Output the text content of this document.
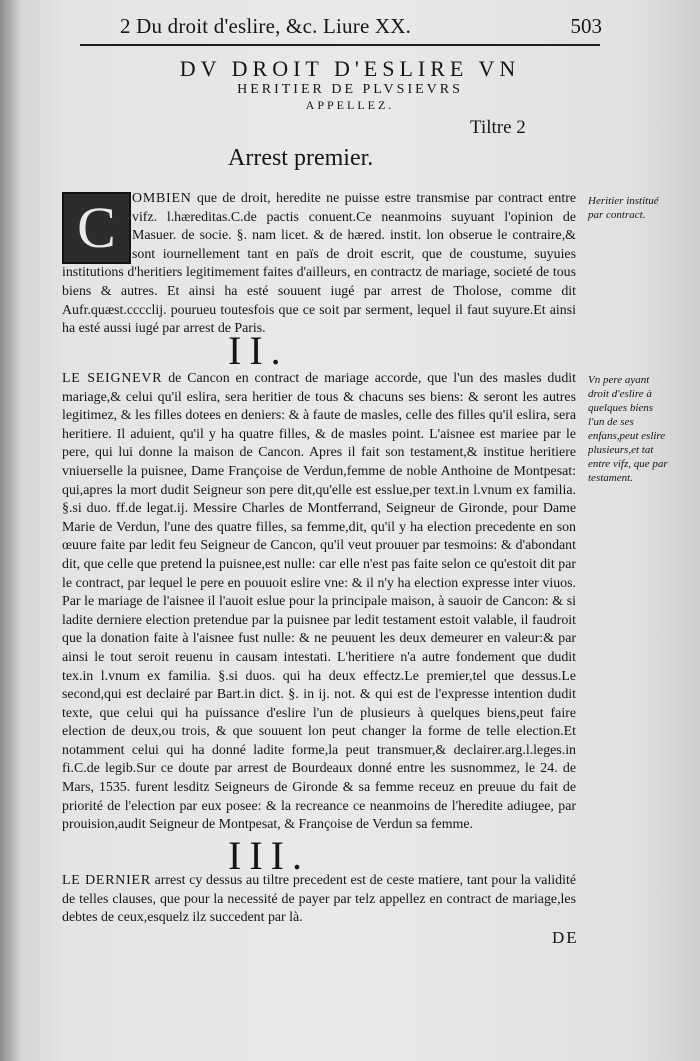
2 Du droit d'eslire, &c. Liure XX.	503
DV DROIT D'ESLIRE VN
HERITIER DE PLVSIEVRS
APPELLEZ.
Tiltre 2
Arrest premier.
C	OMBIEN que de droit, heredite ne puisse estre transmise par contract entre vifz. l.hæreditas.C.de pactis conuent.Ce neanmoins suyuant l'opinion de Masuer. de socie. §. nam licet. & de hæred. instit. lon obserue le contraire,& sont iournellement tant en païs de droit escrit, que de coustume, suyuies institutions d'heritiers legitimement faites d'ailleurs, en contractz de mariage, societé de tous biens & autres. Et ainsi ha esté souuent iugé par arrest de Tholose, comme dit Aufr.quæst.cccclij. pourueu toutesfois que ce soit par serment, lequel il faut suyure.Et ainsi ha esté aussi iugé par arrest de Paris.

II.

LE SEIGNEVR de Cancon en contract de mariage accorde, que l'un des masles dudit mariage,& celui qu'il eslira, sera heritier de tous & chacuns ses biens: & seront les autres legitimez, & les filles dotees en deniers: & à faute de masles, celle des filles qu'il eslira, sera heritiere. Il aduient, qu'il y ha quatre filles, & de masles point. L'aisnee est mariee par le pere, qui lui donne la maison de Cancon. Apres il fait son testament,& institue heritiere vniuerselle la puisnee, Dame Françoise de Verdun,femme de noble Anthoine de Montpesat: qui,apres la mort dudit Seigneur son pere dit,qu'elle est esslue,per text.in l.vnum ex familia. §.si duo. ff.de legat.ij. Messire Charles de Montferrand, Seigneur de Gironde, pour Dame Marie de Verdun, l'une des quatre filles, sa femme,dit, qu'il y ha election precedente en son œuure faite par ledit feu Seigneur de Cancon, qu'il veut prouuer par tesmoins: & d'abondant dit, que celle que pretend la puisnee,est nulle: car elle n'est pas faite selon ce qu'estoit dit par le contract, par lequel le pere en pouuoit eslire vne: & il n'y ha election expresse inter viuos. Par le mariage de l'aisnee il l'auoit eslue pour la principale maison, à sauoir de Cancon: & si ladite derniere election pretendue par la puisnee par ledit testament estoit valable, il faudroit que la donation faite à l'aisnee fust nulle: & ne peuuent les deux demeurer en valeur:& par ainsi le tout seroit reuenu in causam intestati. L'heritiere n'a autre fondement que dudit tex.in l.vnum ex familia. §.si duos. qui ha deux effectz.Le premier,tel que dessus.Le second,qui est declairé par Bart.in dict. §. in ij. not. & qui est de l'expresse intention dudit texte, que celui qui ha puissance d'eslire l'un de plusieurs à quelques biens,peut faire election de deux,ou trois, & que souuent lon peut changer la forme de telle election.Et notamment celui qui ha donné ladite forme,la peut transmuer,& declairer.arg.l.leges.in fi.C.de legib.Sur ce doute par arrest de Bourdeaux donné entre les susnommez, le 24. de Mars, 1535. furent lesditz Seigneurs de Gironde & sa femme receuz en preuue du fait de priorité de l'election par eux posee: & la recreance ce neanmoins de l'heredite adiugee, par prouision,audit Seigneur de Montpesat, & Françoise de Verdun sa femme.

III.

LE DERNIER arrest cy dessus au tiltre precedent est de ceste matiere, tant pour la validité de telles clauses, que pour la necessité de payer par telz appellez en contract de mariage,les debtes de ceux,esquelz ilz succedent par là.

Heritier institué par contract.
Vn pere ayant droit d'eslire à quelques biens l'un de ses enfans,peut eslire plusieurs,et tat entre vifz, que par testament.
DE
